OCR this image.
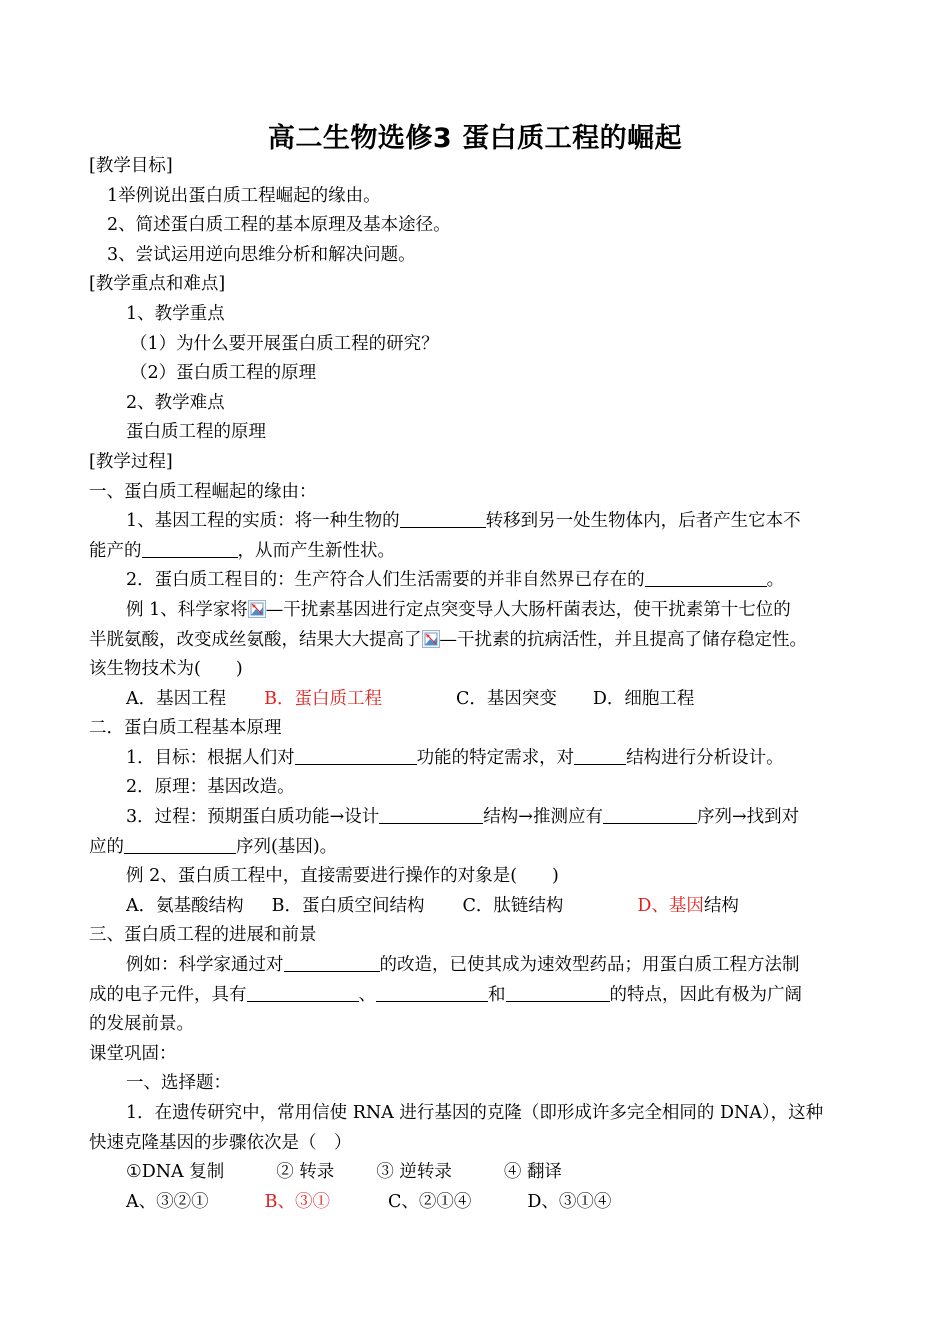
高二生物选修3 蛋白质工程的崛起
[教学目标]
1举例说出蛋白质工程崛起的缘由。
2、简述蛋白质工程的基本原理及基本途径。
3、尝试运用逆向思维分析和解决问题。
[教学重点和难点]
1、教学重点
（1）为什么要开展蛋白质工程的研究？
（2）蛋白质工程的原理
2、教学难点
蛋白质工程的原理
[教学过程]
一、蛋白质工程崛起的缘由：
1、基因工程的实质：将一种生物的	转移到另一处生物体内，后者产生它本不
能产的	，从而产生新性状。
2．蛋白质工程目的：生产符合人们生活需要的并非自然界已存在的	。
例 1、科学家将 —干扰素基因进行定点突变导人大肠杆菌表达，使干扰素第十七位的
半胱氨酸，改变成丝氨酸，结果大大提高了 —干扰素的抗病活性，并且提高了储存稳定性。
该生物技术为(　　)
A．基因工程 B．蛋白质工程	C．基因突变 D．细胞工程
二．蛋白质工程基本原理
1．目标：根据人们对	功能的特定需求，对	结构进行分析设计。
2．原理：基因改造。
3．过程：预期蛋白质功能→设计	结构→推测应有	序列→找到对
应的	序列(基因)。
例 2、蛋白质工程中，直接需要进行操作的对象是(　　)
A．氨基酸结构 B．蛋白质空间结构 C．肽链结构	D、基因结构
三、蛋白质工程的进展和前景
例如：科学家通过对	的改造，已使其成为速效型药品；用蛋白质工程方法制
成的电子元件，具有	、	和	的特点，因此有极为广阔
的发展前景。
课堂巩固：
一、选择题：
1．在遗传研究中，常用信使 RNA 进行基因的克隆（即形成许多完全相同的 DNA），这种
快速克隆基因的步骤依次是（　）
①DNA 复制	② 转录 ③ 逆转录	④ 翻译
A、③②①	B、③①	C、②①④	D、③①④
